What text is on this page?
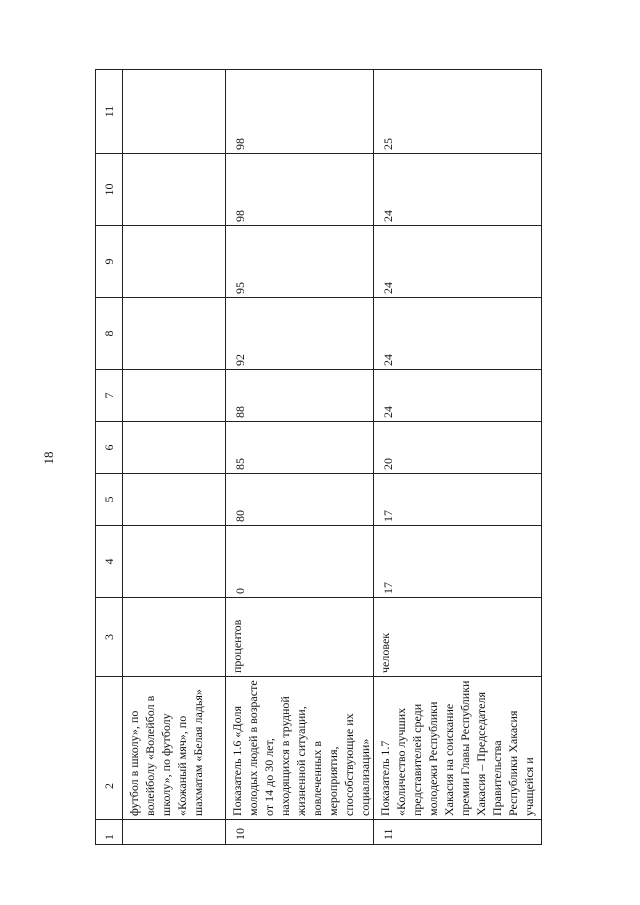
18
1	2	3	4	5	6	7	8	9	10	11
	футбол в школу», по волейболу «Волейбол в школу», по футболу «Кожаный мяч», по шахматам «Белая ладья»									
10	Показатель 1.6 «Доля молодых людей в возрасте от 14 до 30 лет, находящихся в трудной жизненной ситуации, вовлеченных в мероприятия, способствующие их социализации»	процентов	0	80	85	88	92	95	98	98
11	Показатель 1.7 «Количество лучших представителей среди молодежи Республики Хакасия на соискание премии Главы Республики Хакасия – Председателя Правительства Республики Хакасия учащейся и	человек	17	17	20	24	24	24	24	25
